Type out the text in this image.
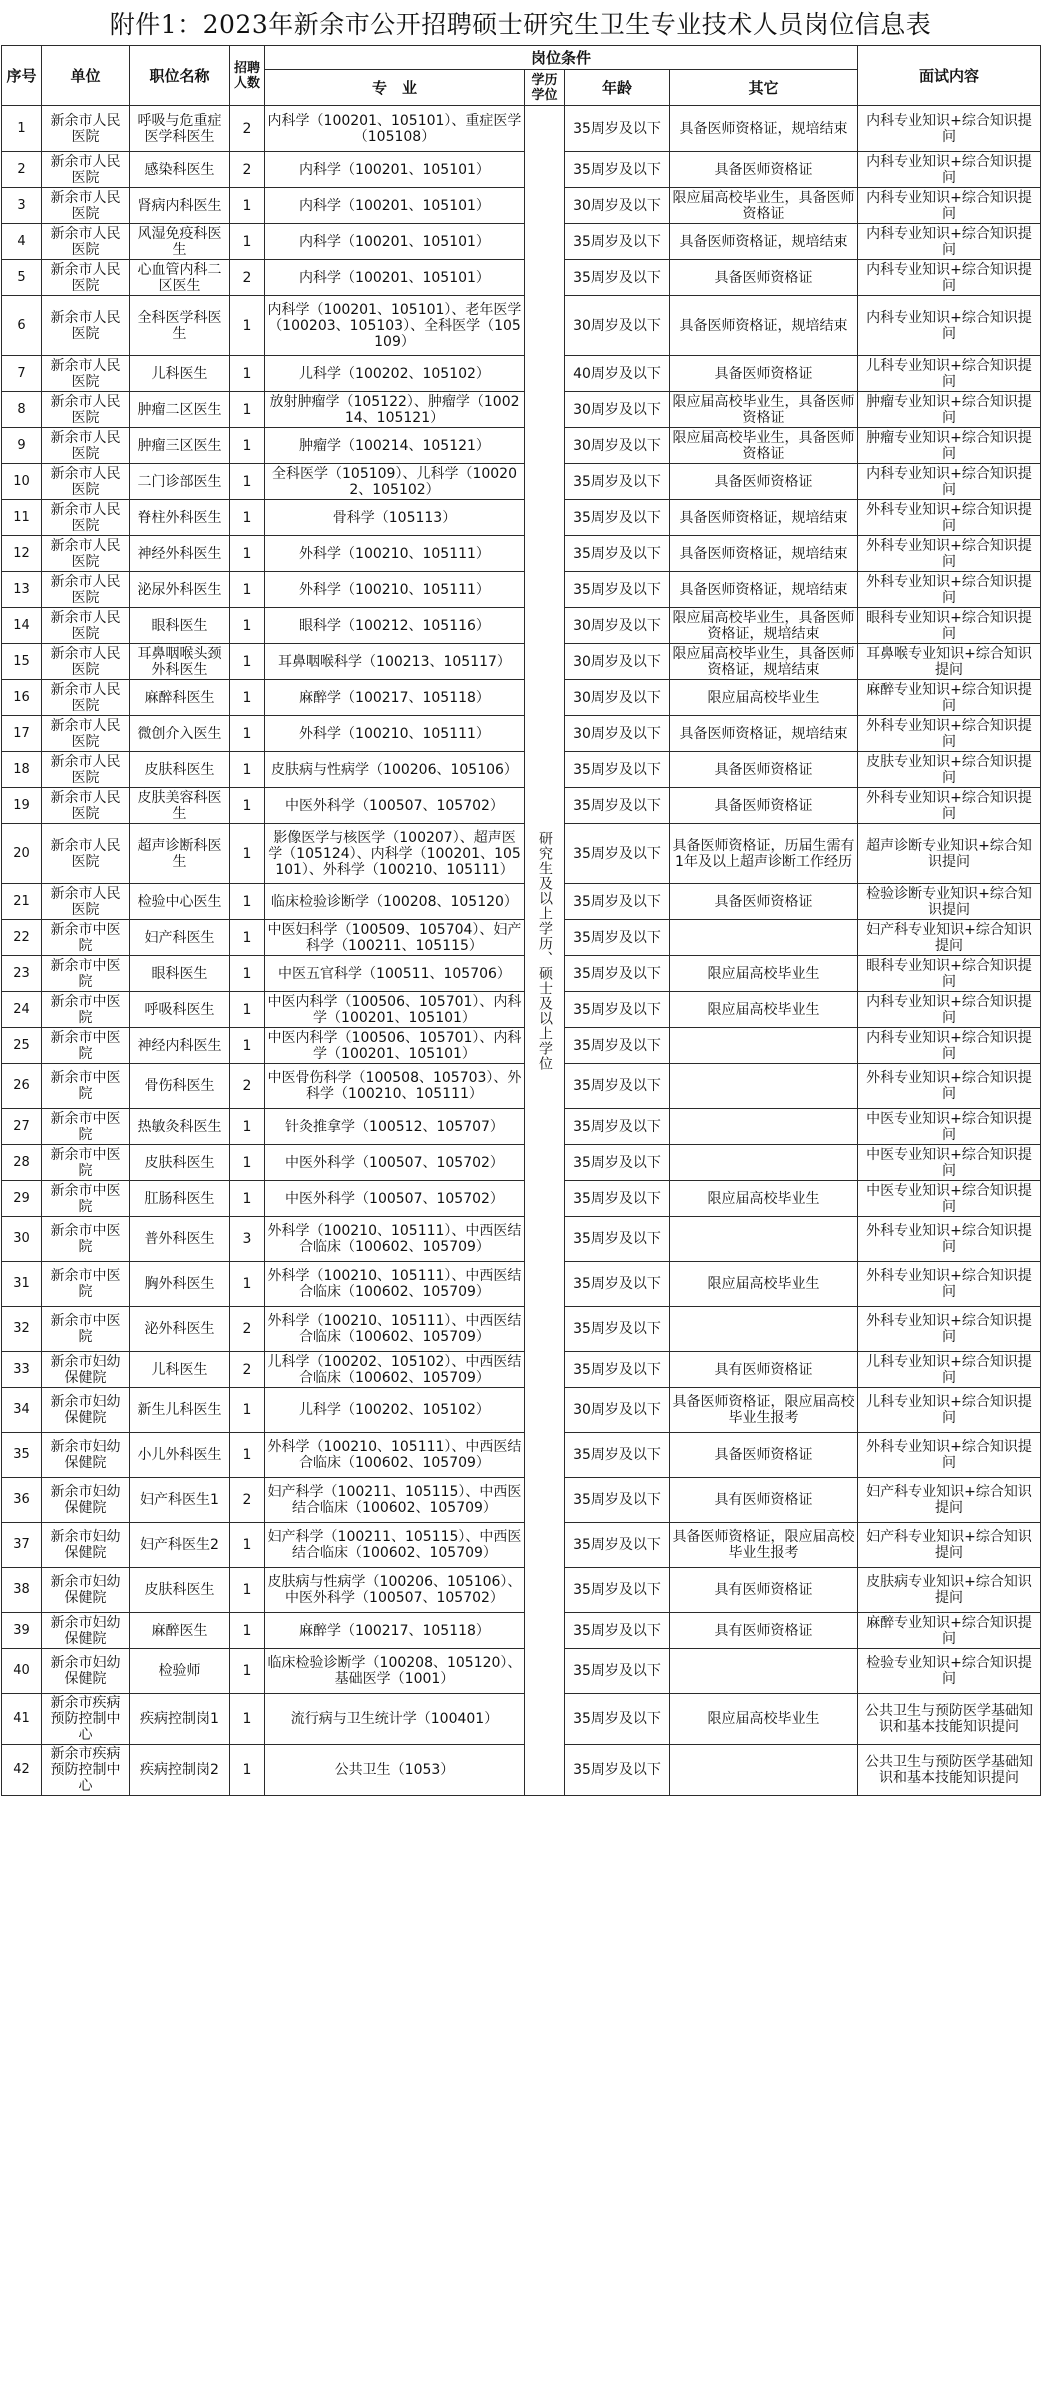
附件1：2023年新余市公开招聘硕士研究生卫生专业技术人员岗位信息表
序号	单位	职位名称	招聘人数	岗位条件				面试内容
				专　业	学历学位	年龄	其它	
1	新余市人民医院	呼吸与危重症医学科医生	2	内科学（100201、105101）、重症医学（105108）	研究生及以上学历、硕士及以上学位	35周岁及以下	具备医师资格证，规培结束	内科专业知识+综合知识提问
2	新余市人民医院	感染科医生	2	内科学（100201、105101）		35周岁及以下	具备医师资格证	内科专业知识+综合知识提问
3	新余市人民医院	肾病内科医生	1	内科学（100201、105101）		30周岁及以下	限应届高校毕业生，具备医师资格证	内科专业知识+综合知识提问
4	新余市人民医院	风湿免疫科医生	1	内科学（100201、105101）		35周岁及以下	具备医师资格证，规培结束	内科专业知识+综合知识提问
5	新余市人民医院	心血管内科二区医生	2	内科学（100201、105101）		35周岁及以下	具备医师资格证	内科专业知识+综合知识提问
6	新余市人民医院	全科医学科医生	1	内科学（100201、105101）、老年医学（100203、105103）、全科医学（105109）		30周岁及以下	具备医师资格证，规培结束	内科专业知识+综合知识提问
7	新余市人民医院	儿科医生	1	儿科学（100202、105102）		40周岁及以下	具备医师资格证	儿科专业知识+综合知识提问
8	新余市人民医院	肿瘤二区医生	1	放射肿瘤学（105122）、肿瘤学（100214、105121）		30周岁及以下	限应届高校毕业生，具备医师资格证	肿瘤专业知识+综合知识提问
9	新余市人民医院	肿瘤三区医生	1	肿瘤学（100214、105121）		30周岁及以下	限应届高校毕业生，具备医师资格证	肿瘤专业知识+综合知识提问
10	新余市人民医院	二门诊部医生	1	全科医学（105109）、儿科学（100202、105102）		35周岁及以下	具备医师资格证	内科专业知识+综合知识提问
11	新余市人民医院	脊柱外科医生	1	骨科学（105113）		35周岁及以下	具备医师资格证，规培结束	外科专业知识+综合知识提问
12	新余市人民医院	神经外科医生	1	外科学（100210、105111）		35周岁及以下	具备医师资格证，规培结束	外科专业知识+综合知识提问
13	新余市人民医院	泌尿外科医生	1	外科学（100210、105111）		35周岁及以下	具备医师资格证，规培结束	外科专业知识+综合知识提问
14	新余市人民医院	眼科医生	1	眼科学（100212、105116）		30周岁及以下	限应届高校毕业生，具备医师资格证，规培结束	眼科专业知识+综合知识提问
15	新余市人民医院	耳鼻咽喉头颈外科医生	1	耳鼻咽喉科学（100213、105117）		30周岁及以下	限应届高校毕业生，具备医师资格证，规培结束	耳鼻喉专业知识+综合知识提问
16	新余市人民医院	麻醉科医生	1	麻醉学（100217、105118）		30周岁及以下	限应届高校毕业生	麻醉专业知识+综合知识提问
17	新余市人民医院	微创介入医生	1	外科学（100210、105111）		30周岁及以下	具备医师资格证，规培结束	外科专业知识+综合知识提问
18	新余市人民医院	皮肤科医生	1	皮肤病与性病学（100206、105106）		35周岁及以下	具备医师资格证	皮肤专业知识+综合知识提问
19	新余市人民医院	皮肤美容科医生	1	中医外科学（100507、105702）		35周岁及以下	具备医师资格证	外科专业知识+综合知识提问
20	新余市人民医院	超声诊断科医生	1	影像医学与核医学（100207）、超声医学（105124）、内科学（100201、105101）、外科学（100210、105111）		35周岁及以下	具备医师资格证，历届生需有1年及以上超声诊断工作经历	超声诊断专业知识+综合知识提问
21	新余市人民医院	检验中心医生	1	临床检验诊断学（100208、105120）		35周岁及以下	具备医师资格证	检验诊断专业知识+综合知识提问
22	新余市中医院	妇产科医生	1	中医妇科学（100509、105704）、妇产科学（100211、105115）		35周岁及以下		妇产科专业知识+综合知识提问
23	新余市中医院	眼科医生	1	中医五官科学（100511、105706）		35周岁及以下	限应届高校毕业生	眼科专业知识+综合知识提问
24	新余市中医院	呼吸科医生	1	中医内科学（100506、105701）、内科学（100201、105101）		35周岁及以下	限应届高校毕业生	内科专业知识+综合知识提问
25	新余市中医院	神经内科医生	1	中医内科学（100506、105701）、内科学（100201、105101）		35周岁及以下		内科专业知识+综合知识提问
26	新余市中医院	骨伤科医生	2	中医骨伤科学（100508、105703）、外科学（100210、105111）		35周岁及以下		外科专业知识+综合知识提问
27	新余市中医院	热敏灸科医生	1	针灸推拿学（100512、105707）		35周岁及以下		中医专业知识+综合知识提问
28	新余市中医院	皮肤科医生	1	中医外科学（100507、105702）		35周岁及以下		中医专业知识+综合知识提问
29	新余市中医院	肛肠科医生	1	中医外科学（100507、105702）		35周岁及以下	限应届高校毕业生	中医专业知识+综合知识提问
30	新余市中医院	普外科医生	3	外科学（100210、105111）、中西医结合临床（100602、105709）		35周岁及以下		外科专业知识+综合知识提问
31	新余市中医院	胸外科医生	1	外科学（100210、105111）、中西医结合临床（100602、105709）		35周岁及以下	限应届高校毕业生	外科专业知识+综合知识提问
32	新余市中医院	泌外科医生	2	外科学（100210、105111）、中西医结合临床（100602、105709）		35周岁及以下		外科专业知识+综合知识提问
33	新余市妇幼保健院	儿科医生	2	儿科学（100202、105102）、中西医结合临床（100602、105709）		35周岁及以下	具有医师资格证	儿科专业知识+综合知识提问
34	新余市妇幼保健院	新生儿科医生	1	儿科学（100202、105102）		30周岁及以下	具备医师资格证，限应届高校毕业生报考	儿科专业知识+综合知识提问
35	新余市妇幼保健院	小儿外科医生	1	外科学（100210、105111）、中西医结合临床（100602、105709）		35周岁及以下	具备医师资格证	外科专业知识+综合知识提问
36	新余市妇幼保健院	妇产科医生1	2	妇产科学（100211、105115）、中西医结合临床（100602、105709）		35周岁及以下	具有医师资格证	妇产科专业知识+综合知识提问
37	新余市妇幼保健院	妇产科医生2	1	妇产科学（100211、105115）、中西医结合临床（100602、105709）		35周岁及以下	具备医师资格证，限应届高校毕业生报考	妇产科专业知识+综合知识提问
38	新余市妇幼保健院	皮肤科医生	1	皮肤病与性病学（100206、105106）、中医外科学（100507、105702）		35周岁及以下	具有医师资格证	皮肤病专业知识+综合知识提问
39	新余市妇幼保健院	麻醉医生	1	麻醉学（100217、105118）		35周岁及以下	具有医师资格证	麻醉专业知识+综合知识提问
40	新余市妇幼保健院	检验师	1	临床检验诊断学（100208、105120）、基础医学（1001）		35周岁及以下		检验专业知识+综合知识提问
41	新余市疾病预防控制中心	疾病控制岗1	1	流行病与卫生统计学（100401）		35周岁及以下	限应届高校毕业生	公共卫生与预防医学基础知识和基本技能知识提问
42	新余市疾病预防控制中心	疾病控制岗2	1	公共卫生（1053）		35周岁及以下		公共卫生与预防医学基础知识和基本技能知识提问
